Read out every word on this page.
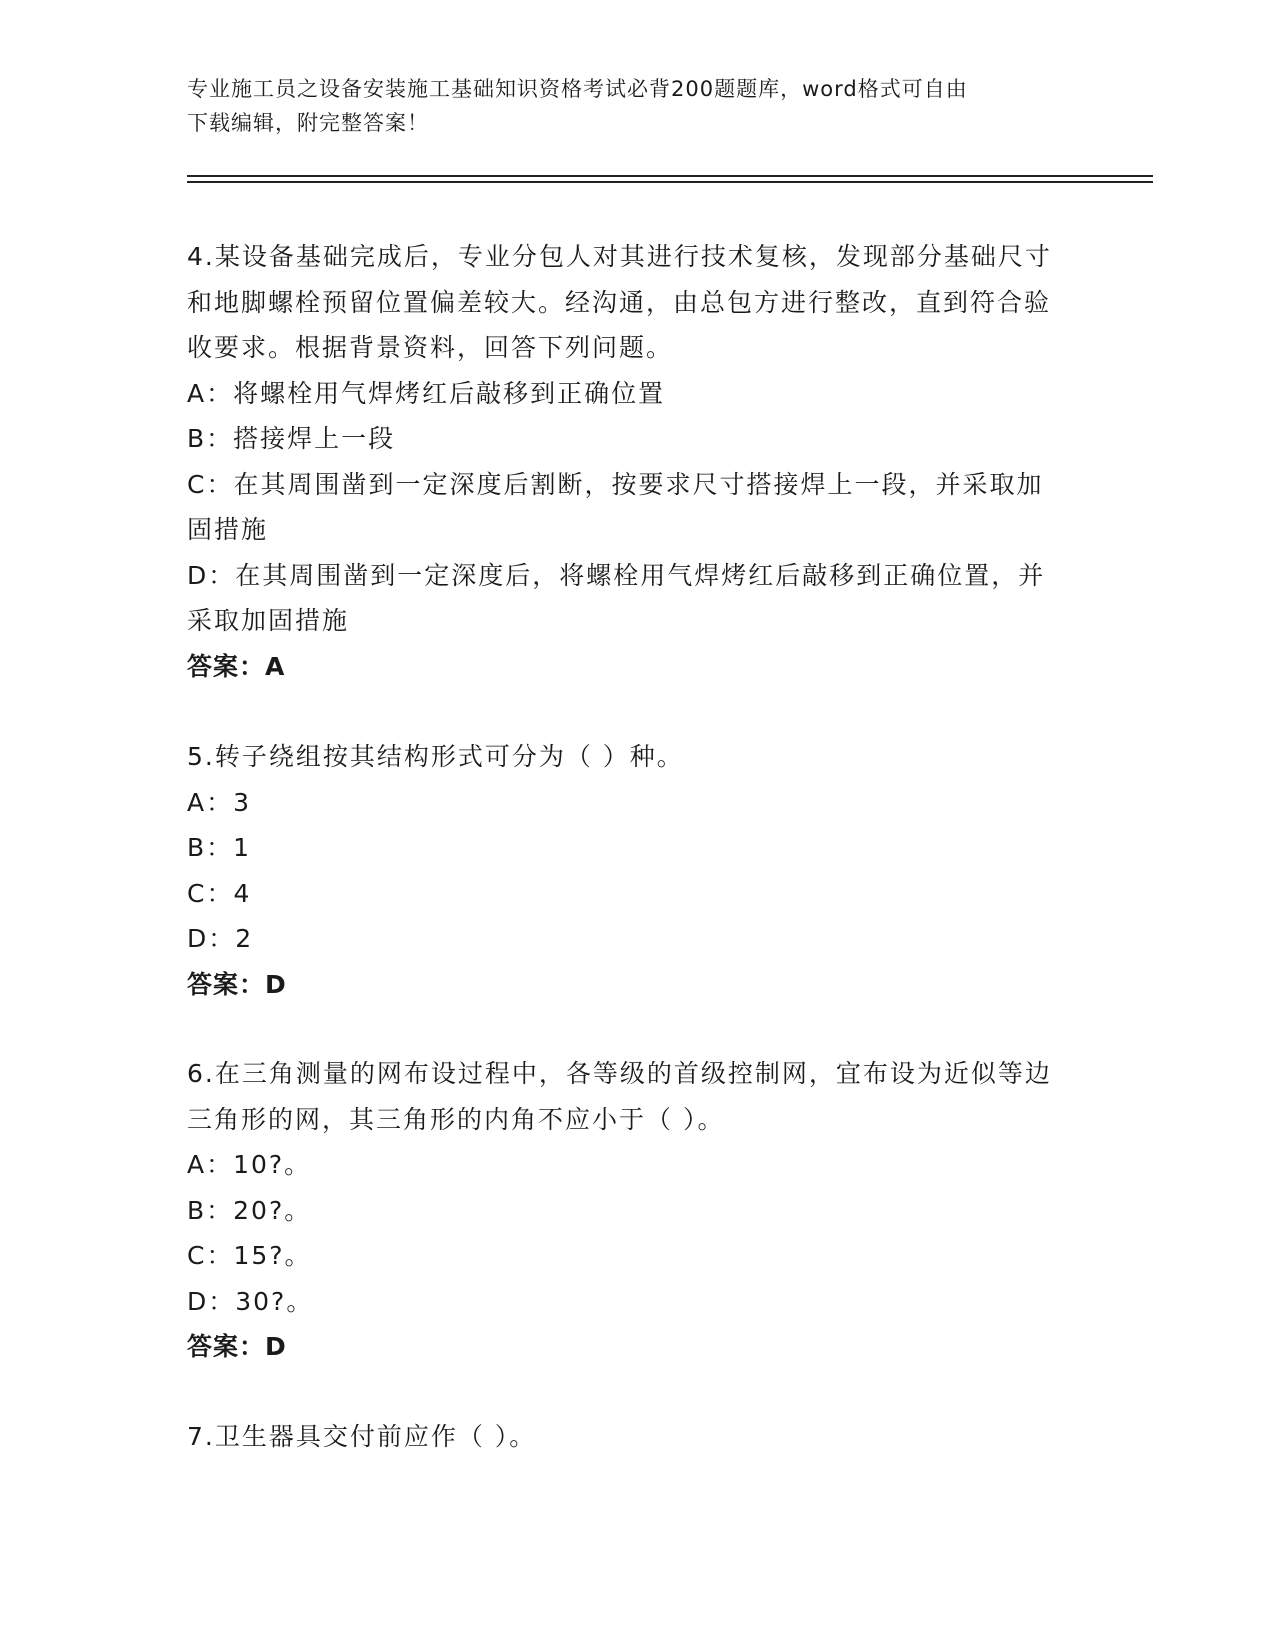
专业施工员之设备安装施工基础知识资格考试必背200题题库，word格式可自由
下载编辑，附完整答案！
4.某设备基础完成后，专业分包人对其进行技术复核，发现部分基础尺寸和地脚螺栓预留位置偏差较大。经沟通，由总包方进行整改，直到符合验收要求。根据背景资料，回答下列问题。
A：将螺栓用气焊烤红后敲移到正确位置
B：搭接焊上一段
C：在其周围凿到一定深度后割断，按要求尺寸搭接焊上一段，并采取加固措施
D：在其周围凿到一定深度后，将螺栓用气焊烤红后敲移到正确位置，并采取加固措施
答案：A
5.转子绕组按其结构形式可分为（ ）种。
A：3
B：1
C：4
D：2
答案：D
6.在三角测量的网布设过程中，各等级的首级控制网，宜布设为近似等边三角形的网，其三角形的内角不应小于（ ）。
A：10?。
B：20?。
C：15?。
D：30?。
答案：D
7.卫生器具交付前应作（ ）。
